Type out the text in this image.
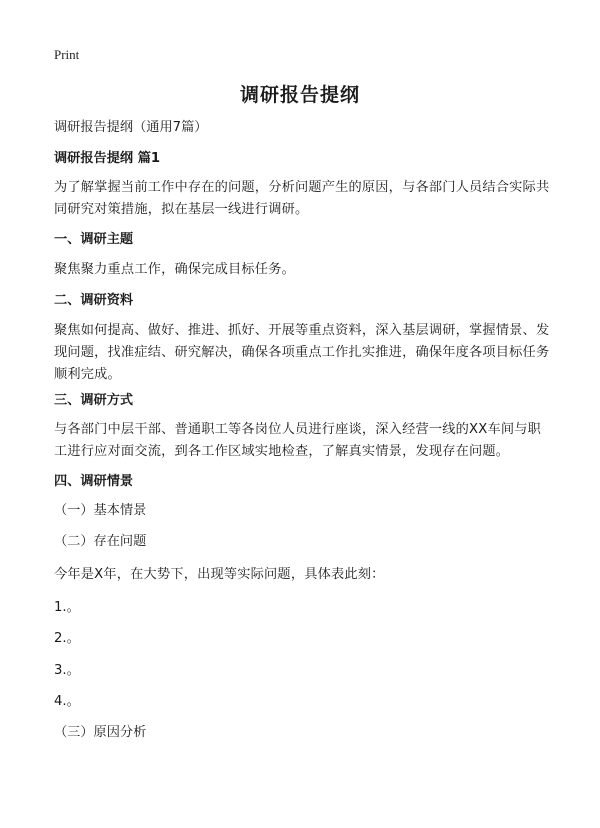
Print
调研报告提纲
调研报告提纲（通用7篇）
调研报告提纲 篇1
为了解掌握当前工作中存在的问题，分析问题产生的原因，与各部门人员结合实际共同研究对策措施，拟在基层一线进行调研。
一、调研主题
聚焦聚力重点工作，确保完成目标任务。
二、调研资料
聚焦如何提高、做好、推进、抓好、开展等重点资料，深入基层调研，掌握情景、发现问题，找准症结、研究解决，确保各项重点工作扎实推进，确保年度各项目标任务顺利完成。
三、调研方式
与各部门中层干部、普通职工等各岗位人员进行座谈，深入经营一线的XX车间与职工进行应对面交流，到各工作区域实地检查，了解真实情景，发现存在问题。
四、调研情景
（一）基本情景
（二）存在问题
今年是X年，在大势下，出现等实际问题，具体表此刻：
1.。
2.。
3.。
4.。
（三）原因分析
